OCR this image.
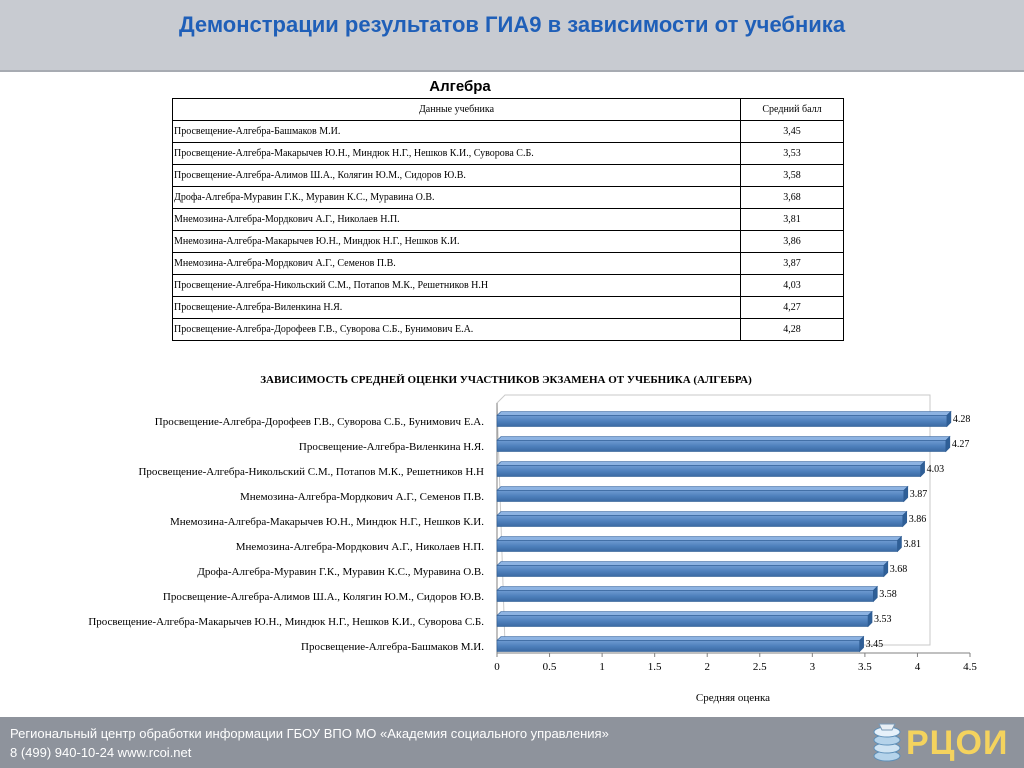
Демонстрации результатов ГИА9 в зависимости от учебника
Алгебра
Данные учебника	Средний балл
Просвещение-Алгебра-Башмаков М.И.	3,45
Просвещение-Алгебра-Макарычев Ю.Н., Миндюк Н.Г., Нешков К.И., Суворова С.Б.	3,53
Просвещение-Алгебра-Алимов Ш.А., Колягин Ю.М., Сидоров Ю.В.	3,58
Дрофа-Алгебра-Муравин Г.К., Муравин К.С., Муравина О.В.	3,68
Мнемозина-Алгебра-Мордкович А.Г., Николаев Н.П.	3,81
Мнемозина-Алгебра-Макарычев Ю.Н., Миндюк Н.Г., Нешков К.И.	3,86
Мнемозина-Алгебра-Мордкович А.Г., Семенов П.В.	3,87
Просвещение-Алгебра-Никольский С.М., Потапов М.К., Решетников Н.Н	4,03
Просвещение-Алгебра-Виленкина Н.Я.	4,27
Просвещение-Алгебра-Дорофеев Г.В., Суворова С.Б., Бунимович Е.А.	4,28
ЗАВИСИМОСТЬ СРЕДНЕЙ ОЦЕНКИ УЧАСТНИКОВ ЭКЗАМЕНА ОТ УЧЕБНИКА (АЛГЕБРА)
Просвещение-Алгебра-Дорофеев Г.В., Суворова С.Б., Бунимович Е.А.
Просвещение-Алгебра-Виленкина Н.Я.
Просвещение-Алгебра-Никольский С.М., Потапов М.К., Решетников Н.Н
Мнемозина-Алгебра-Мордкович А.Г., Семенов П.В.
Мнемозина-Алгебра-Макарычев Ю.Н., Миндюк Н.Г., Нешков К.И.
Мнемозина-Алгебра-Мордкович А.Г., Николаев Н.П.
Дрофа-Алгебра-Муравин Г.К., Муравин К.С., Муравина О.В.
Просвещение-Алгебра-Алимов Ш.А., Колягин Ю.М., Сидоров Ю.В.
Просвещение-Алгебра-Макарычев Ю.Н., Миндюк Н.Г., Нешков К.И., Суворова С.Б.
Просвещение-Алгебра-Башмаков М.И.
4.28
4.27
4.03
3.87
3.86
3.81
3.68
3.58
3.53
3.45
0	0.5	1	1.5	2	2.5	3	3.5	4	4.5
Средняя оценка
Региональный центр обработки информации ГБОУ ВПО МО «Академия социального управления»
8 (499) 940-10-24 www.rcoi.net	РЦОИ
